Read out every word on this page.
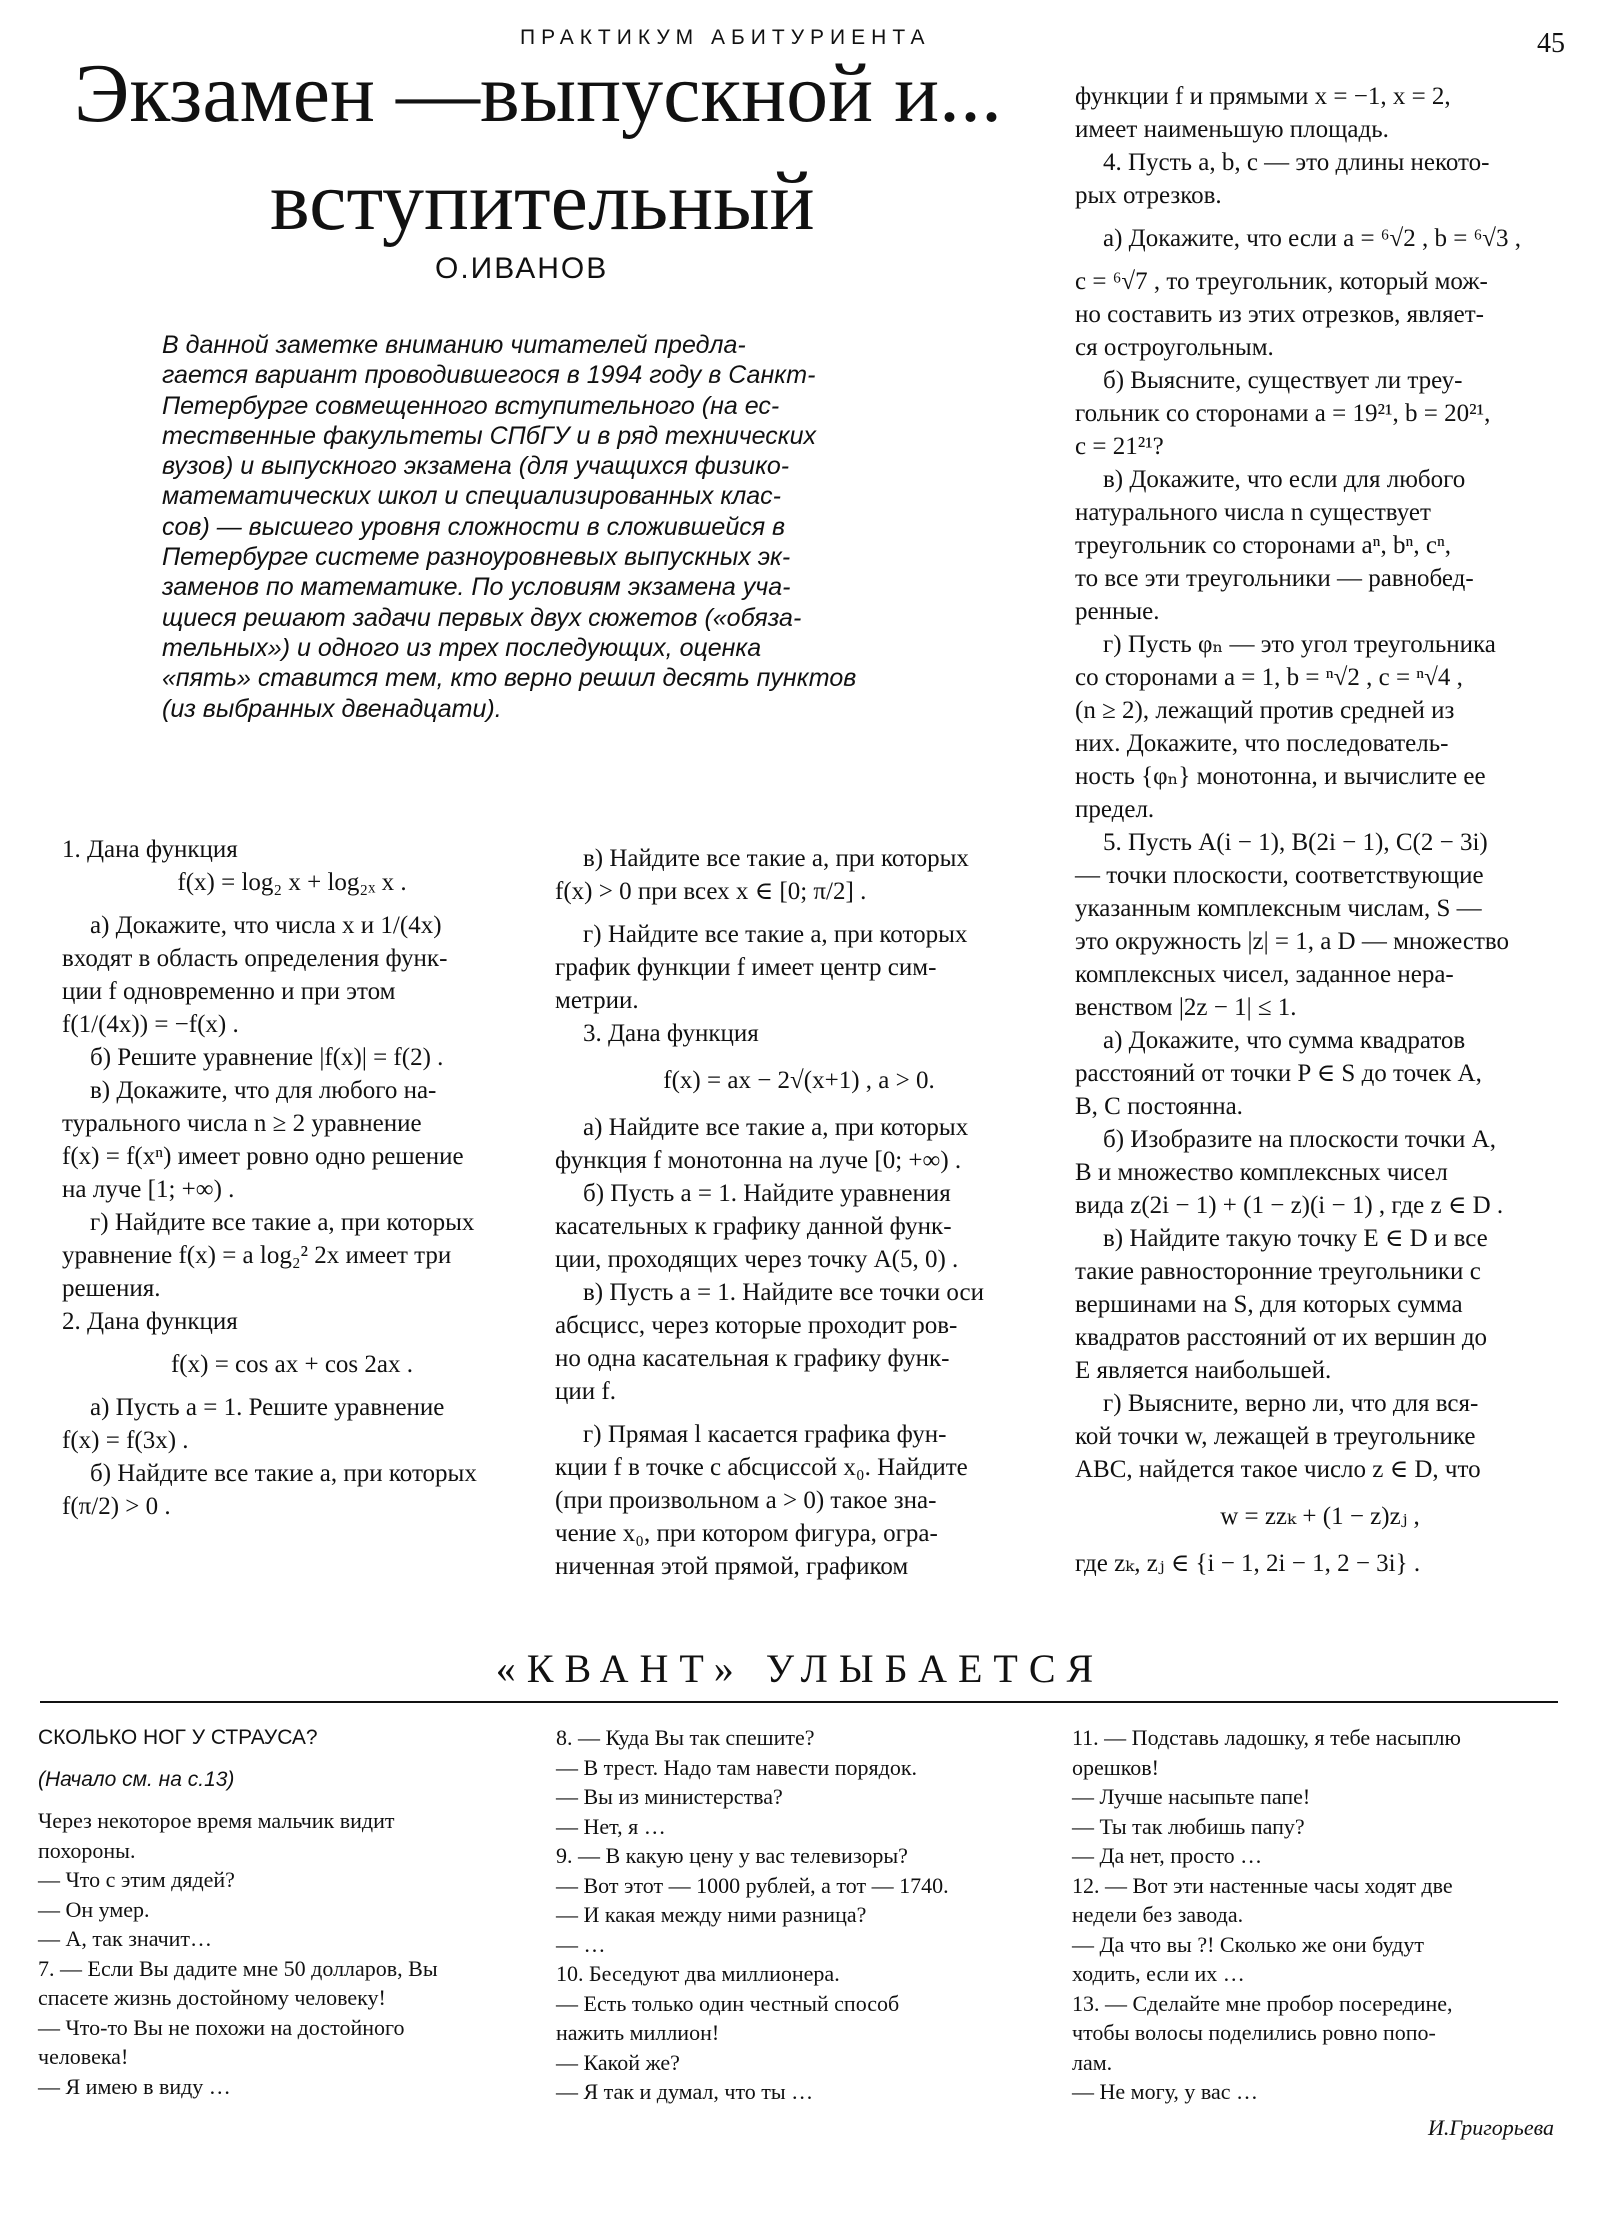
ПРАКТИКУМ АБИТУРИЕНТА	45
Экзамен —выпускной и...
вступительный
О.ИВАНОВ
В данной заметке вниманию читателей предла-
гается вариант проводившегося в 1994 году в Санкт-
Петербурге совмещенного вступительного (на ес-
тественные факультеты СПбГУ и в ряд технических
вузов) и выпускного экзамена (для учащихся физико-
математических школ и специализированных клас-
сов) — высшего уровня сложности в сложившейся в
Петербурге системе разноуровневых выпускных эк-
заменов по математике. По условиям экзамена уча-
щиеся решают задачи первых двух сюжетов («обяза-
тельных») и одного из трех последующих, оценка
«пять» ставится тем, кто верно решил десять пунктов
(из выбранных двенадцати).
1. Дана функция
f(x) = log₂ x + log₂ₓ x .
а) Докажите, что числа x и 1/(4x)
входят в область определения функ-
ции f одновременно и при этом
f(1/(4x)) = −f(x) .
б) Решите уравнение |f(x)| = f(2) .
в) Докажите, что для любого на-
турального числа n ≥ 2 уравнение
f(x) = f(xⁿ) имеет ровно одно решение
на луче [1; +∞) .
г) Найдите все такие a, при которых
уравнение f(x) = a log₂² 2x имеет три
решения.
2. Дана функция
f(x) = cos ax + cos 2ax .
а) Пусть a = 1. Решите уравнение
f(x) = f(3x) .
б) Найдите все такие a, при которых
f(π/2) > 0 .
в) Найдите все такие a, при которых
f(x) > 0 при всех x ∈ [0; π/2] .
г) Найдите все такие a, при которых
график функции f имеет центр сим-
метрии.
3. Дана функция
f(x) = ax − 2√(x+1) , a > 0.
а) Найдите все такие a, при которых
функция f монотонна на луче [0; +∞) .
б) Пусть a = 1. Найдите уравнения
касательных к графику данной функ-
ции, проходящих через точку A(5, 0) .
в) Пусть a = 1. Найдите все точки оси
абсцисс, через которые проходит ров-
но одна касательная к графику функ-
ции f.
г) Прямая l касается графика фун-
кции f в точке с абсциссой x₀. Найдите
(при произвольном a > 0) такое зна-
чение x₀, при котором фигура, огра-
ниченная этой прямой, графиком
функции f и прямыми x = −1, x = 2,
имеет наименьшую площадь.
4. Пусть a, b, c — это длины некото-
рых отрезков.
а) Докажите, что если a = ⁶√2 , b = ⁶√3 ,
c = ⁶√7 , то треугольник, который мож-
но составить из этих отрезков, являет-
ся остроугольным.
б) Выясните, существует ли треу-
гольник со сторонами a = 19²¹, b = 20²¹,
c = 21²¹?
в) Докажите, что если для любого
натурального числа n существует
треугольник со сторонами aⁿ, bⁿ, cⁿ,
то все эти треугольники — равнобед-
ренные.
г) Пусть φₙ — это угол треугольника
со сторонами a = 1, b = ⁿ√2 , c = ⁿ√4 ,
(n ≥ 2), лежащий против средней из
них. Докажите, что последователь-
ность {φₙ} монотонна, и вычислите ее
предел.
5. Пусть A(i − 1), B(2i − 1), C(2 − 3i)
— точки плоскости, соответствующие
указанным комплексным числам, S —
это окружность |z| = 1, а D — множество
комплексных чисел, заданное нера-
венством |2z − 1| ≤ 1.
а) Докажите, что сумма квадратов
расстояний от точки P ∈ S до точек A,
B, C постоянна.
б) Изобразите на плоскости точки A,
B и множество комплексных чисел
вида z(2i − 1) + (1 − z)(i − 1) , где z ∈ D .
в) Найдите такую точку E ∈ D и все
такие равносторонние треугольники с
вершинами на S, для которых сумма
квадратов расстояний от их вершин до
E является наибольшей.
г) Выясните, верно ли, что для вся-
кой точки w, лежащей в треугольнике
ABC, найдется такое число z ∈ D, что
w = zzₖ + (1 − z)zⱼ ,
где zₖ, zⱼ ∈ {i − 1, 2i − 1, 2 − 3i} .
«КВАНТ» УЛЫБАЕТСЯ
СКОЛЬКО НОГ У СТРАУСА?
(Начало см. на с.13)
Через некоторое время мальчик видит
похороны.
— Что с этим дядей?
— Он умер.
— А, так значит…
7. — Если Вы дадите мне 50 долларов, Вы
спасете жизнь достойному человеку!
— Что-то Вы не похожи на достойного
человека!
— Я имею в виду …
8. — Куда Вы так спешите?
— В трест. Надо там навести порядок.
— Вы из министерства?
— Нет, я …
9. — В какую цену у вас телевизоры?
— Вот этот — 1000 рублей, а тот — 1740.
— И какая между ними разница?
— …
10. Беседуют два миллионера.
— Есть только один честный способ
нажить миллион!
— Какой же?
— Я так и думал, что ты …
11. — Подставь ладошку, я тебе насыплю
орешков!
— Лучше насыпьте папе!
— Ты так любишь папу?
— Да нет, просто …
12. — Вот эти настенные часы ходят две
недели без завода.
— Да что вы ?! Сколько же они будут
ходить, если их …
13. — Сделайте мне пробор посередине,
чтобы волосы поделились ровно попо-
лам.
— Не могу, у вас …
И.Григорьева
